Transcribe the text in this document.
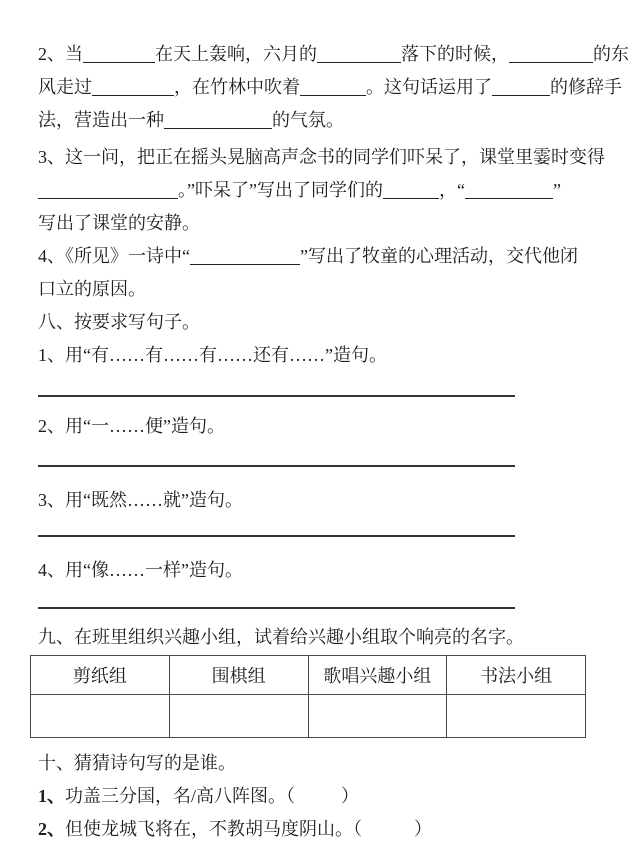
2、当	在天上轰响，六月的	落下的时候，	的东
风走过	，在竹林中吹着	。这句话运用了	的修辞手
法，营造出一种	的气氛。
3、这一问，把正在摇头晃脑高声念书的同学们吓呆了，课堂里霎时变得
。”吓呆了”写出了同学们的	，“	”
写出了课堂的安静。
4、《所见》一诗中“	”写出了牧童的心理活动，交代他闭
口立的原因。
八、按要求写句子。
1、用“有……有……有……还有……”造句。
2、用“一……便”造句。
3、用“既然……就”造句。
4、用“像……一样”造句。
九、在班里组织兴趣小组，试着给兴趣小组取个响亮的名字。
剪纸组	围棋组	歌唱兴趣小组	书法小组

十、猜猜诗句写的是谁。
1、功盖三分国，名/高八阵图。（	）
2、但使龙城飞将在，不教胡马度阴山。（	）
